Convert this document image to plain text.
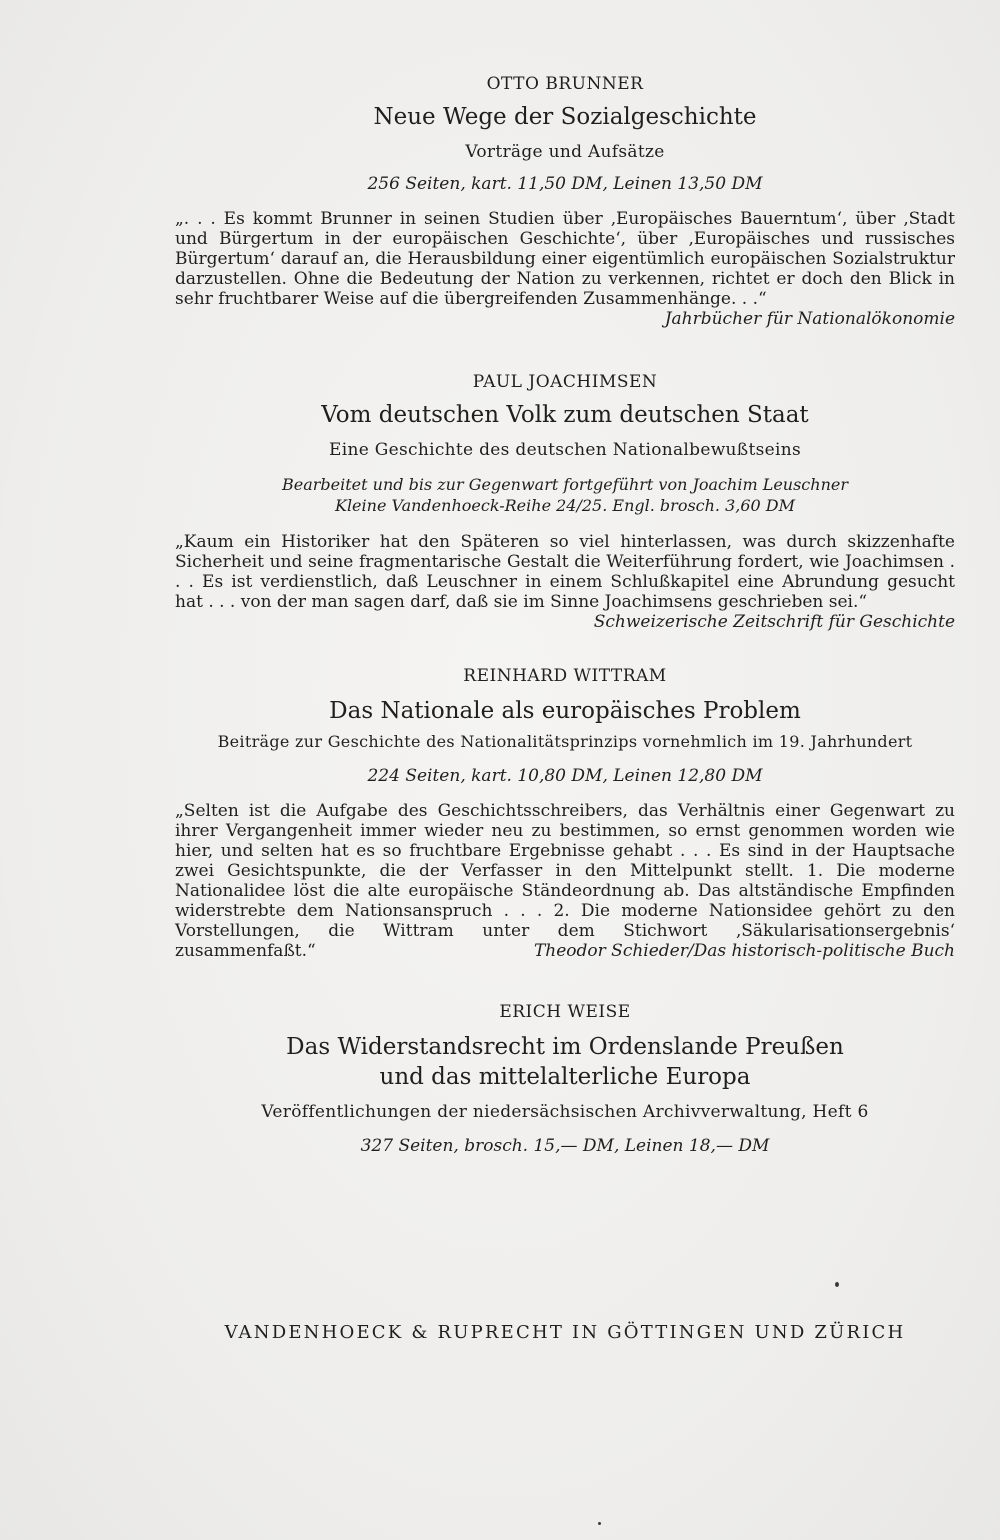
OTTO BRUNNER

Neue Wege der Sozialgeschichte

Vorträge und Aufsätze

256 Seiten, kart. 11,50 DM, Leinen 13,50 DM

„. . . Es kommt Brunner in seinen Studien über ‚Europäisches Bauerntum‘, über ‚Stadt und Bürgertum in der europäischen Geschichte‘, über ‚Europäisches und russisches Bürgertum‘ darauf an, die Herausbildung einer eigentümlich europäischen Sozialstruktur darzustellen. Ohne die Bedeutung der Nation zu verkennen, richtet er doch den Blick in sehr fruchtbarer Weise auf die übergreifenden Zusammenhänge. . .“

Jahrbücher für Nationalökonomie

PAUL JOACHIMSEN

Vom deutschen Volk zum deutschen Staat

Eine Geschichte des deutschen Nationalbewußtseins

Bearbeitet und bis zur Gegenwart fortgeführt von Joachim Leuschner

Kleine Vandenhoeck-Reihe 24/25. Engl. brosch. 3,60 DM

„Kaum ein Historiker hat den Späteren so viel hinterlassen, was durch skizzenhafte Sicherheit und seine fragmentarische Gestalt die Weiterführung fordert, wie Joachimsen . . . Es ist verdienstlich, daß Leuschner in einem Schlußkapitel eine Abrundung gesucht hat . . . von der man sagen darf, daß sie im Sinne Joachimsens geschrieben sei.“
Schweizerische Zeitschrift für Geschichte

REINHARD WITTRAM

Das Nationale als europäisches Problem

Beiträge zur Geschichte des Nationalitätsprinzips vornehmlich im 19. Jahrhundert

224 Seiten, kart. 10,80 DM, Leinen 12,80 DM

„Selten ist die Aufgabe des Geschichtsschreibers, das Verhältnis einer Gegenwart zu ihrer Vergangenheit immer wieder neu zu bestimmen, so ernst genommen worden wie hier, und selten hat es so fruchtbare Ergebnisse gehabt . . . Es sind in der Hauptsache zwei Gesichtspunkte, die der Verfasser in den Mittelpunkt stellt. 1. Die moderne Nationalidee löst die alte europäische Ständeordnung ab. Das altständische Empfinden widerstrebte dem Nationsanspruch . . . 2. Die moderne Nationsidee gehört zu den Vorstellungen, die Wittram unter dem Stichwort ‚Säkularisationsergebnis‘ zusammenfaßt.“	Theodor Schieder/Das historisch-politische Buch

ERICH WEISE

Das Widerstandsrecht im Ordenslande Preußen

und das mittelalterliche Europa

Veröffentlichungen der niedersächsischen Archivverwaltung, Heft 6

327 Seiten, brosch. 15,— DM, Leinen 18,— DM

VANDENHOECK & RUPRECHT IN GÖTTINGEN UND ZÜRICH
